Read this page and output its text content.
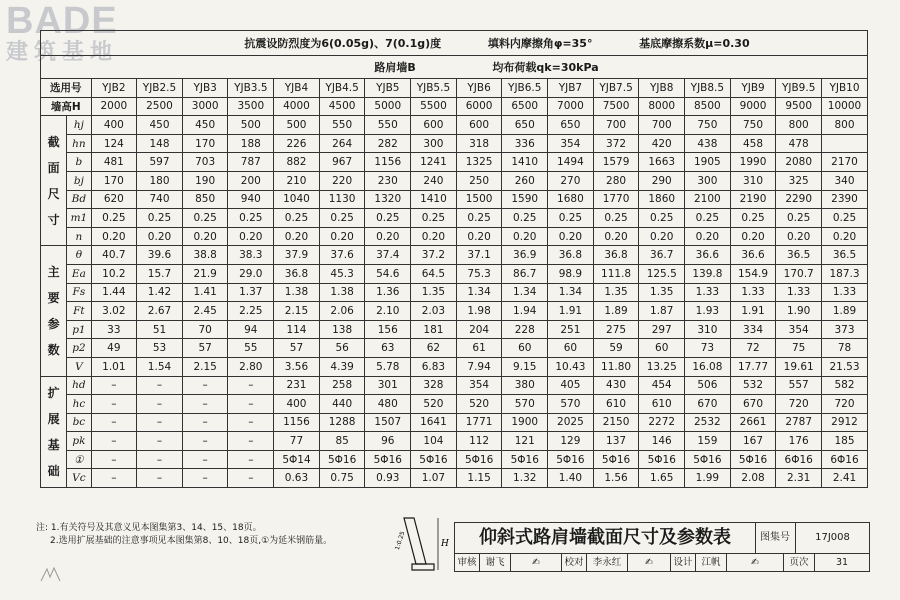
BADE
建筑基地	抗震设防烈度为6(0.05g)、7(0.1g)度 填料内摩擦角φ=35° 基底摩擦系数μ=0.30																		
路肩墙B 均布荷载qk=30kPa																		
选用号		YJB2	YJB2.5	YJB3	YJB3.5	YJB4	YJB4.5	YJB5	YJB5.5	YJB6	YJB6.5	YJB7	YJB7.5	YJB8	YJB8.5	YJB9	YJB9.5	YJB10
墙高H		2000	2500	3000	3500	4000	4500	5000	5500	6000	6500	7000	7500	8000	8500	9000	9500	10000
截面尺寸	hj	400	450	450	500	500	550	550	600	600	650	650	700	700	750	750	800	800
	hn	124	148	170	188	226	264	282	300	318	336	354	372	420	438	458	478	
	b	481	597	703	787	882	967	1156	1241	1325	1410	1494	1579	1663	1905	1990	2080	2170
	bj	170	180	190	200	210	220	230	240	250	260	270	280	290	300	310	325	340
	Bd	620	740	850	940	1040	1130	1320	1410	1500	1590	1680	1770	1860	2100	2190	2290	2390
	m1	0.25	0.25	0.25	0.25	0.25	0.25	0.25	0.25	0.25	0.25	0.25	0.25	0.25	0.25	0.25	0.25	0.25
	n	0.20	0.20	0.20	0.20	0.20	0.20	0.20	0.20	0.20	0.20	0.20	0.20	0.20	0.20	0.20	0.20	0.20
主要参数	θ	40.7	39.6	38.8	38.3	37.9	37.6	37.4	37.2	37.1	36.9	36.8	36.8	36.7	36.6	36.6	36.5	36.5
	Ea	10.2	15.7	21.9	29.0	36.8	45.3	54.6	64.5	75.3	86.7	98.9	111.8	125.5	139.8	154.9	170.7	187.3
	Fs	1.44	1.42	1.41	1.37	1.38	1.38	1.36	1.35	1.34	1.34	1.34	1.35	1.35	1.33	1.33	1.33	1.33
	Ft	3.02	2.67	2.45	2.25	2.15	2.06	2.10	2.03	1.98	1.94	1.91	1.89	1.87	1.93	1.91	1.90	1.89
	p1	33	51	70	94	114	138	156	181	204	228	251	275	297	310	334	354	373
	p2	49	53	57	55	57	56	63	62	61	60	60	59	60	73	72	75	78
	V	1.01	1.54	2.15	2.80	3.56	4.39	5.78	6.83	7.94	9.15	10.43	11.80	13.25	16.08	17.77	19.61	21.53
扩展基础	hd	–	–	–	–	231	258	301	328	354	380	405	430	454	506	532	557	582
	hc	–	–	–	–	400	440	480	520	520	570	570	610	610	670	670	720	720
	bc	–	–	–	–	1156	1288	1507	1641	1771	1900	2025	2150	2272	2532	2661	2787	2912
	pk	–	–	–	–	77	85	96	104	112	121	129	137	146	159	167	176	185
	①	–	–	–	–	5Φ14	5Φ16	5Φ16	5Φ16	5Φ16	5Φ16	5Φ16	5Φ16	5Φ16	5Φ16	5Φ16	6Φ16	6Φ16
	Vc	–	–	–	–	0.63	0.75	0.93	1.07	1.15	1.32	1.40	1.56	1.65	1.99	2.08	2.31	2.41
注: 1.有关符号及其意义见本图集第3、14、15、18页。
2.选用扩展基础的注意事项见本图集第8、10、18页,①为延米钢筋量。	1:0.25	H	仰斜式路肩墙截面尺寸及参数表	图集号	17J008
审核 谢飞	✍	校对 李永红	✍	设计 江帆	✍	页次	31
